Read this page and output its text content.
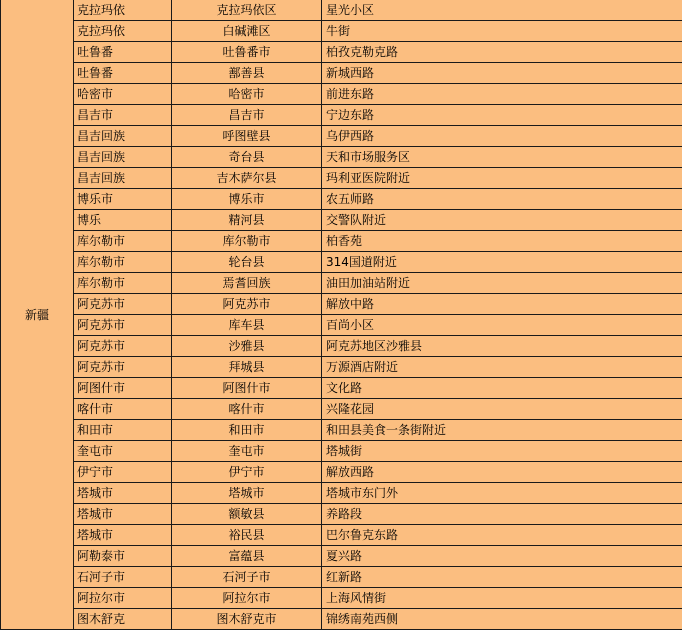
新疆	克拉玛依	克拉玛依区	星光小区
	克拉玛依	白碱滩区	牛街
	吐鲁番	吐鲁番市	柏孜克勒克路
	吐鲁番	鄯善县	新城西路
	哈密市	哈密市	前进东路
	昌吉市	昌吉市	宁边东路
	昌吉回族	呼图壁县	乌伊西路
	昌吉回族	奇台县	天和市场服务区
	昌吉回族	吉木萨尔县	玛利亚医院附近
	博乐市	博乐市	农五师路
	博乐	精河县	交警队附近
	库尔勒市	库尔勒市	柏香苑
	库尔勒市	轮台县	314国道附近
	库尔勒市	焉耆回族	油田加油站附近
	阿克苏市	阿克苏市	解放中路
	阿克苏市	库车县	百尚小区
	阿克苏市	沙雅县	阿克苏地区沙雅县
	阿克苏市	拜城县	万源酒店附近
	阿图什市	阿图什市	文化路
	喀什市	喀什市	兴隆花园
	和田市	和田市	和田县美食一条街附近
	奎屯市	奎屯市	塔城街
	伊宁市	伊宁市	解放西路
	塔城市	塔城市	塔城市东门外
	塔城市	额敏县	养路段
	塔城市	裕民县	巴尔鲁克东路
	阿勒泰市	富蕴县	夏兴路
	石河子市	石河子市	红新路
	阿拉尔市	阿拉尔市	上海风情街
	图木舒克	图木舒克市	锦绣南苑西侧
